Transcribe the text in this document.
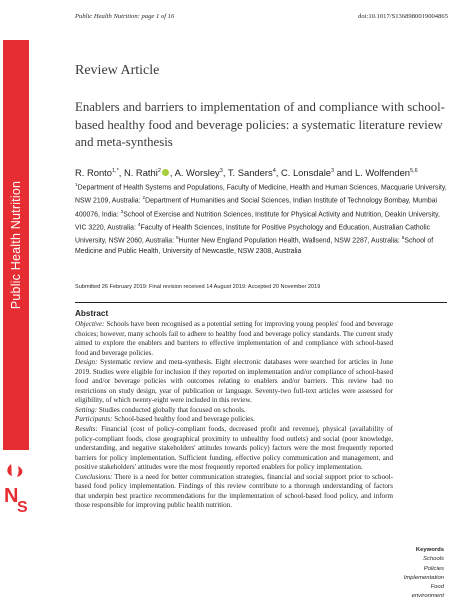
Public Health Nutrition
N
S
Public Health Nutrition: page 1 of 16	doi:10.1017/S1368980019004865
Review Article
Enablers and barriers to implementation of and compliance with school-based healthy food and beverage policies: a systematic literature review and meta-synthesis
R. Ronto$^{1,*}$, N. Rathi$^2$ , A. Worsley$^3$, T. Sanders$^4$, C. Lonsdale$^3$ and L. Wolfenden$^{5,6}$
$^1$Department of Health Systems and Populations, Faculty of Medicine, Health and Human Sciences, Macquarie University, NSW 2109, Australia: $^2$Department of Humanities and Social Sciences, Indian Institute of Technology Bombay, Mumbai 400076, India: $^3$School of Exercise and Nutrition Sciences, Institute for Physical Activity and Nutrition, Deakin University, VIC 3220, Australia: $^4$Faculty of Health Sciences, Institute for Positive Psychology and Education, Australian Catholic University, NSW 2060, Australia: $^5$Hunter New England Population Health, Wallsend, NSW 2287, Australia: $^6$School of Medicine and Public Health, University of Newcastle, NSW 2308, Australia
Submitted 26 February 2019: Final revision received 14 August 2019: Accepted 20 November 2019
Abstract

Objective: Schools have been recognised as a potential setting for improving young peoples' food and beverage choices; however, many schools fail to adhere to healthy food and beverage policy standards. The current study aimed to explore the enablers and barriers to effective implementation of and compliance with school-based food and beverage policies.

Design: Systematic review and meta-synthesis. Eight electronic databases were searched for articles in June 2019. Studies were eligible for inclusion if they reported on implementation and/or compliance of school-based food and/or beverage policies with outcomes relating to enablers and/or barriers. This review had no restrictions on study design, year of publication or language. Seventy-two full-text articles were assessed for eligibility, of which twenty-eight were included in this review.

Setting: Studies conducted globally that focused on schools.

Participants: School-based healthy food and beverage policies.

Results: Financial (cost of policy-compliant foods, decreased profit and revenue), physical (availability of policy-compliant foods, close geographical proximity to unhealthy food outlets) and social (poor knowledge, understanding, and negative stakeholders' attitudes towards policy) factors were the most frequently reported barriers for policy implementation. Sufficient funding, effective policy communication and management, and positive stakeholders' attitudes were the most frequently reported enablers for policy implementation.

Conclusions: There is a need for better communication strategies, financial and social support prior to school-based food policy implementation. Findings of this review contribute to a thorough understanding of factors that underpin best practice recommendations for the implementation of school-based food policy, and inform those responsible for improving public health nutrition.

Keywords
Schools
Policies
Implementation
Food environment
